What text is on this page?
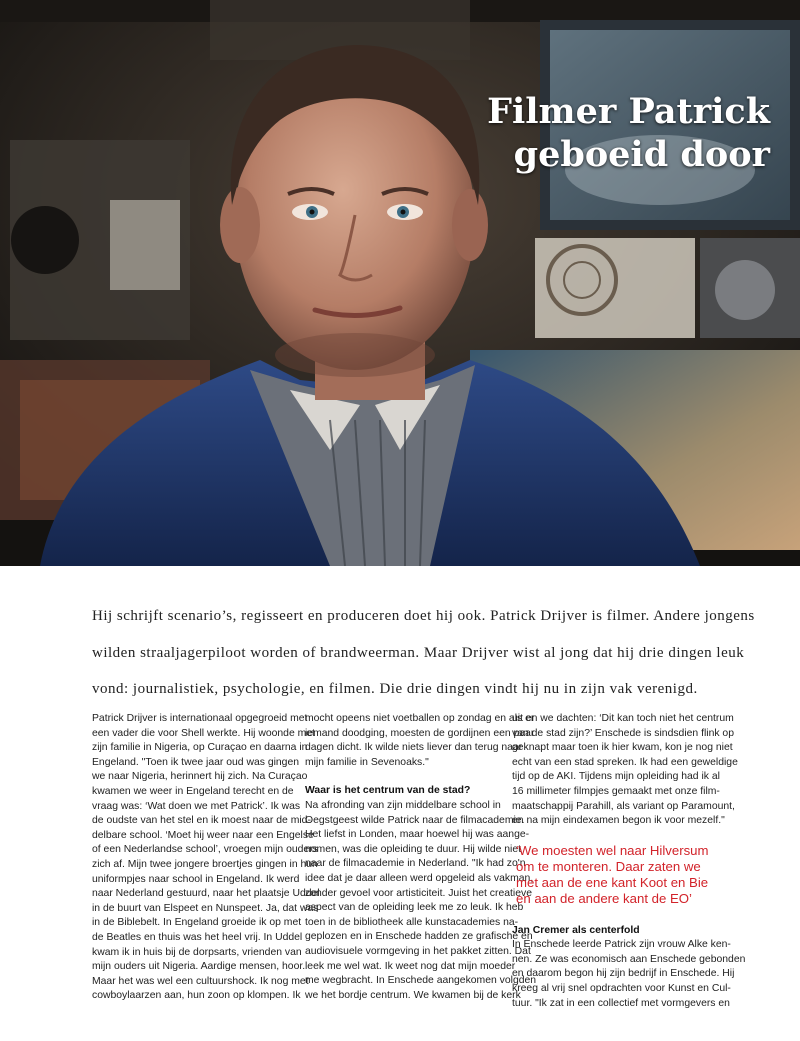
Filmer Patrick
geboeid door

Hij schrijft scenario’s, regisseert en produceren doet hij ook. Patrick Drijver is filmer. Andere jongens
wilden straaljagerpiloot worden of brandweerman. Maar Drijver wist al jong dat hij drie dingen leuk
vond: journalistiek, psychologie, en filmen. Die drie dingen vindt hij nu in zijn vak verenigd.

Patrick Drijver is internationaal opgegroeid met
een vader die voor Shell werkte. Hij woonde met
zijn familie in Nigeria, op Curaçao en daarna in
Engeland. "Toen ik twee jaar oud was gingen
we naar Nigeria, herinnert hij zich. Na Curaçao
kwamen we weer in Engeland terecht en de
vraag was: ‘Wat doen we met Patrick’. Ik was
de oudste van het stel en ik moest naar de mid-
delbare school. ‘Moet hij weer naar een Engelse
of een Nederlandse school’, vroegen mijn ouders
zich af. Mijn twee jongere broertjes gingen in hun
uniformpjes naar school in Engeland. Ik werd
naar Nederland gestuurd, naar het plaatsje Uddel
in de buurt van Elspeet en Nunspeet. Ja, dat was
in de Biblebelt. In Engeland groeide ik op met
de Beatles en thuis was het heel vrij. In Uddel
kwam ik in huis bij de dorpsarts, vrienden van
mijn ouders uit Nigeria. Aardige mensen, hoor.
Maar het was wel een cultuurshock. Ik nog met
cowboylaarzen aan, hun zoon op klompen. Ik
mocht opeens niet voetballen op zondag en als er
iemand doodging, moesten de gordijnen een paar
dagen dicht. Ik wilde niets liever dan terug naar
mijn familie in Sevenoaks."
Waar is het centrum van de stad?
Na afronding van zijn middelbare school in
Oegstgeest wilde Patrick naar de filmacademie.
Het liefst in Londen, maar hoewel hij was aange-
nomen, was die opleiding te duur. Hij wilde niet
naar de filmacademie in Nederland. "Ik had zo'n
idee dat je daar alleen werd opgeleid als vakman,
zonder gevoel voor artisticiteit. Juist het creatieve
aspect van de opleiding leek me zo leuk. Ik heb
toen in de bibliotheek alle kunstacademies na-
geplozen en in Enschede hadden ze grafische en
audiovisuele vormgeving in het pakket zitten. Dat
leek me wel wat. Ik weet nog dat mijn moeder
me wegbracht. In Enschede aangekomen volgden
we het bordje centrum. We kwamen bij de kerk
uit en we dachten: ‘Dit kan toch niet het centrum
van de stad zijn?’ Enschede is sindsdien flink op
geknapt maar toen ik hier kwam, kon je nog niet
echt van een stad spreken. Ik had een geweldige
tijd op de AKI. Tijdens mijn opleiding had ik al
16 millimeter filmpjes gemaakt met onze film-
maatschappij Parahill, als variant op Paramount,
en na mijn eindexamen begon ik voor mezelf."
‘We moesten wel naar Hilversum
om te monteren. Daar zaten we
met aan de ene kant Koot en Bie
en aan de andere kant de EO’
Jan Cremer als centerfold
In Enschede leerde Patrick zijn vrouw Alke ken-
nen. Ze was economisch aan Enschede gebonden
en daarom begon hij zijn bedrijf in Enschede. Hij
kreeg al vrij snel opdrachten voor Kunst en Cul-
tuur. "Ik zat in een collectief met vormgevers en
